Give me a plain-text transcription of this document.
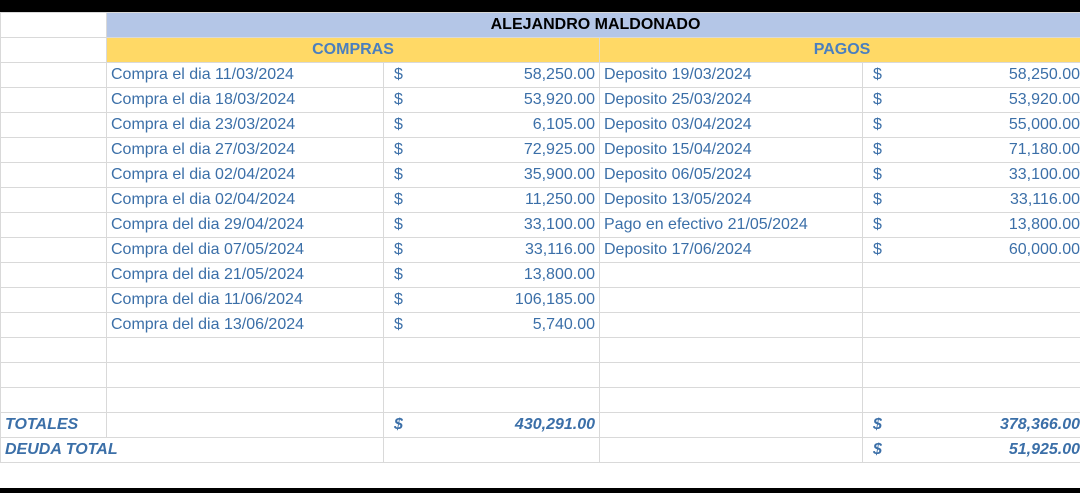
	ALEJANDRO MALDONADO			
	COMPRAS		PAGOS	
	Compra el dia 11/03/2024	$ 58,250.00	Deposito 19/03/2024	$ 58,250.00

	Compra el dia 18/03/2024	$ 53,920.00	Deposito 25/03/2024	$ 53,920.00

	Compra el dia 23/03/2024	$ 6,105.00	Deposito 03/04/2024	$ 55,000.00

	Compra el dia 27/03/2024	$ 72,925.00	Deposito 15/04/2024	$ 71,180.00

	Compra el dia 02/04/2024	$ 35,900.00	Deposito 06/05/2024	$ 33,100.00

	Compra el dia 02/04/2024	$ 11,250.00	Deposito 13/05/2024	$ 33,116.00

	Compra del dia 29/04/2024	$ 33,100.00	Pago en efectivo 21/05/2024	$ 13,800.00

	Compra del dia 07/05/2024	$ 33,116.00	Deposito 17/06/2024	$ 60,000.00

	Compra del dia 21/05/2024	$ 13,800.00		

	Compra del dia 11/06/2024	$ 106,185.00		

	Compra del dia 13/06/2024	$ 5,740.00		

TOTALES		$ 430,291.00		$ 378,366.00

DEUDA TOTAL				$ 51,925.00
